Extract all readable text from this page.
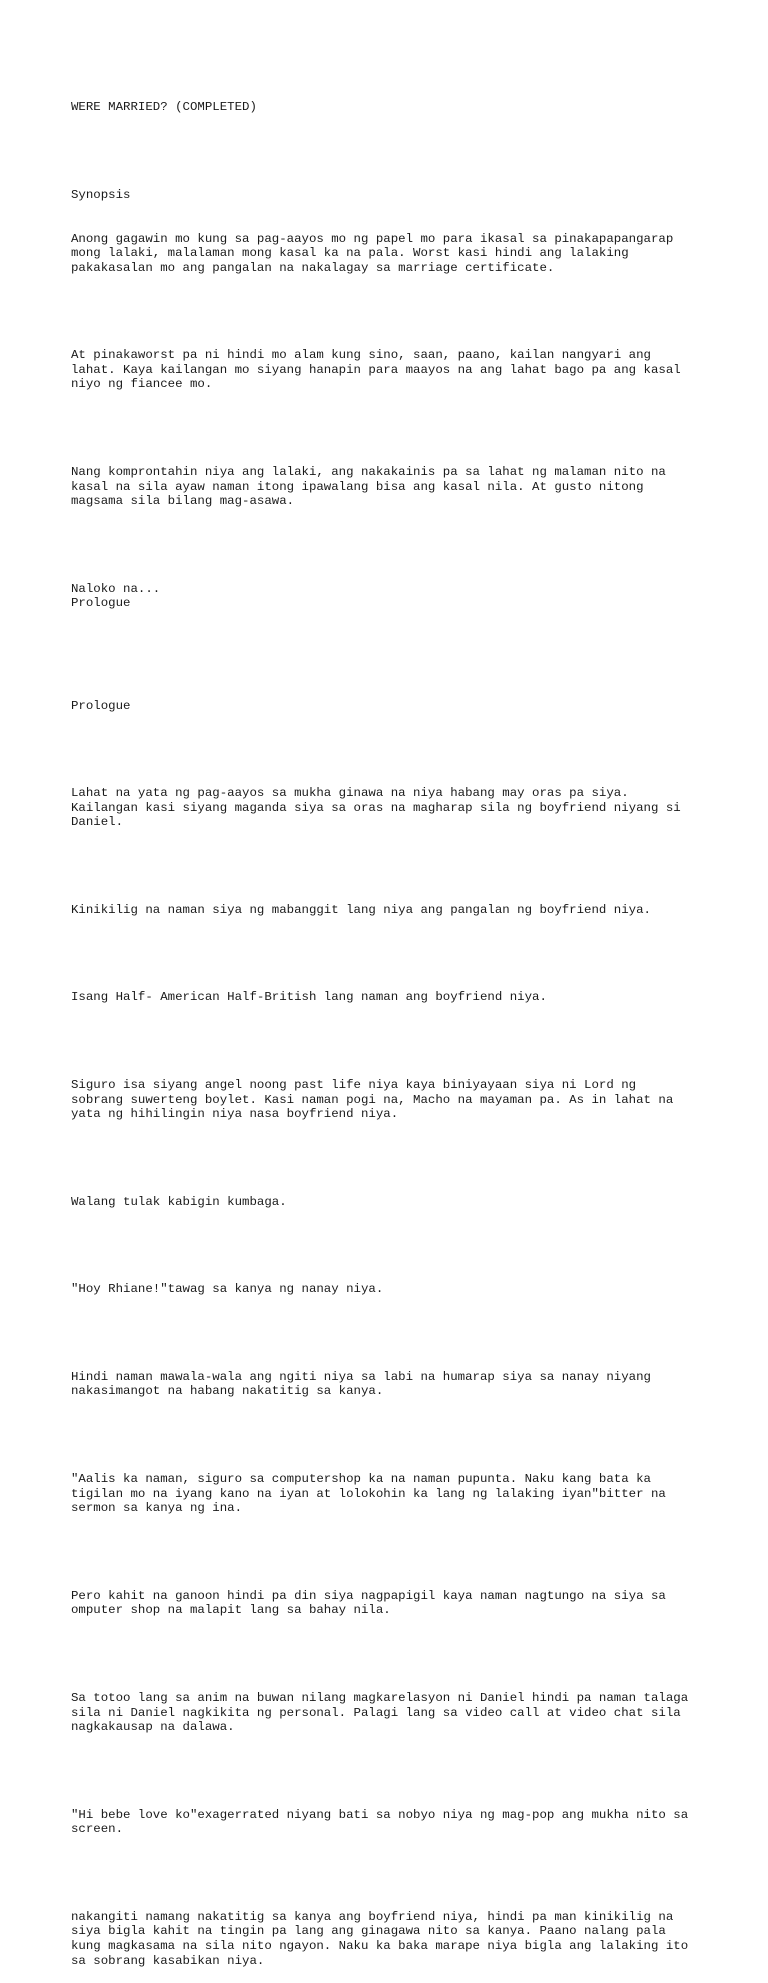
WERE MARRIED? (COMPLETED)

Synopsis

Anong gagawin mo kung sa pag-aayos mo ng papel mo para ikasal sa pinakapapangarap
mong lalaki, malalaman mong kasal ka na pala. Worst kasi hindi ang lalaking
pakakasalan mo ang pangalan na nakalagay sa marriage certificate.

At pinakaworst pa ni hindi mo alam kung sino, saan, paano, kailan nangyari ang
lahat. Kaya kailangan mo siyang hanapin para maayos na ang lahat bago pa ang kasal
niyo ng fiancee mo.

Nang komprontahin niya ang lalaki, ang nakakainis pa sa lahat ng malaman nito na
kasal na sila ayaw naman itong ipawalang bisa ang kasal nila. At gusto nitong
magsama sila bilang mag-asawa.

Naloko na...
Prologue

Prologue

Lahat na yata ng pag-aayos sa mukha ginawa na niya habang may oras pa siya.
Kailangan kasi siyang maganda siya sa oras na magharap sila ng boyfriend niyang si
Daniel.

Kinikilig na naman siya ng mabanggit lang niya ang pangalan ng boyfriend niya.

Isang Half- American Half-British lang naman ang boyfriend niya.

Siguro isa siyang angel noong past life niya kaya biniyayaan siya ni Lord ng
sobrang suwerteng boylet. Kasi naman pogi na, Macho na mayaman pa. As in lahat na
yata ng hihilingin niya nasa boyfriend niya.

Walang tulak kabigin kumbaga.

"Hoy Rhiane!"tawag sa kanya ng nanay niya.

Hindi naman mawala-wala ang ngiti niya sa labi na humarap siya sa nanay niyang
nakasimangot na habang nakatitig sa kanya.

"Aalis ka naman, siguro sa computershop ka na naman pupunta. Naku kang bata ka
tigilan mo na iyang kano na iyan at lolokohin ka lang ng lalaking iyan"bitter na
sermon sa kanya ng ina.

Pero kahit na ganoon hindi pa din siya nagpapigil kaya naman nagtungo na siya sa
omputer shop na malapit lang sa bahay nila.

Sa totoo lang sa anim na buwan nilang magkarelasyon ni Daniel hindi pa naman talaga
sila ni Daniel nagkikita ng personal. Palagi lang sa video call at video chat sila
nagkakausap na dalawa.

"Hi bebe love ko"exagerrated niyang bati sa nobyo niya ng mag-pop ang mukha nito sa
screen.

nakangiti namang nakatitig sa kanya ang boyfriend niya, hindi pa man kinikilig na
siya bigla kahit na tingin pa lang ang ginagawa nito sa kanya. Paano nalang pala
kung magkasama na sila nito ngayon. Naku ka baka marape niya bigla ang lalaking ito
sa sobrang kasabikan niya.
